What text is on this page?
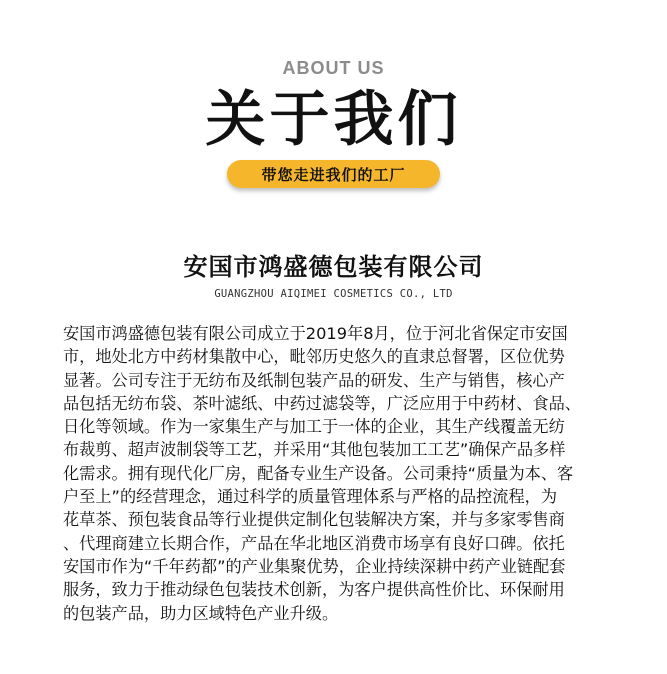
ABOUT US
关于我们
带您走进我们的工厂
安国市鸿盛德包装有限公司
GUANGZHOU AIQIMEI COSMETICS CO., LTD
安国市鸿盛德包装有限公司成立于2019年8月，位于河北省保定市安国
市，地处北方中药材集散中心，毗邻历史悠久的直隶总督署，区位优势
显著。公司专注于无纺布及纸制包装产品的研发、生产与销售，核心产
品包括无纺布袋、茶叶滤纸、中药过滤袋等，广泛应用于中药材、食品、
日化等领域。作为一家集生产与加工于一体的企业，其生产线覆盖无纺
布裁剪、超声波制袋等工艺，并采用“其他包装加工工艺”确保产品多样
化需求。拥有现代化厂房，配备专业生产设备。公司秉持“质量为本、客
户至上”的经营理念，通过科学的质量管理体系与严格的品控流程，为
花草茶、预包装食品等行业提供定制化包装解决方案，并与多家零售商
、代理商建立长期合作，产品在华北地区消费市场享有良好口碑。依托
安国市作为“千年药都”的产业集聚优势，企业持续深耕中药产业链配套
服务，致力于推动绿色包装技术创新，为客户提供高性价比、环保耐用
的包装产品，助力区域特色产业升级。
